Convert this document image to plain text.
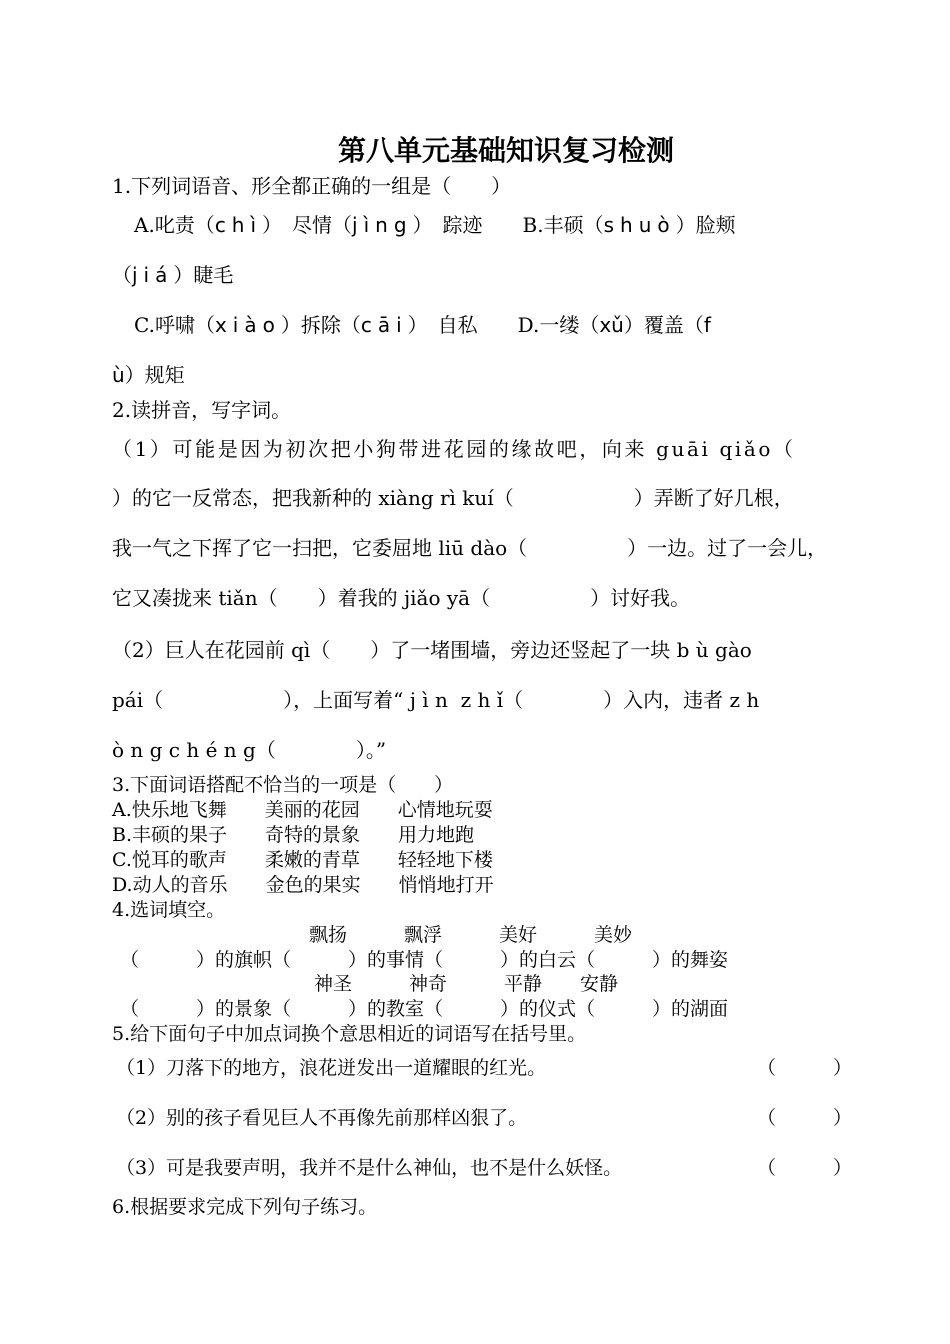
第八单元基础知识复习检测
1.下列词语音、形全都正确的一组是（　　）
A.叱责（chì）　尽情（jìng）　踪迹　　 B.丰硕（shuò）脸颊
（jiá）睫毛
C.呼啸（xiào）拆除（cāi）　自私　　 D.一缕（xǔ）覆盖（f
ù）规矩
2.读拼音，写字词。
（1）可能是因为初次把小狗带进花园的缘故吧，向来 guāi qiǎo（
）的它一反常态，把我新种的 xiàng rì kuí（　　　　　　）弄断了好几根，
我一气之下挥了它一扫把，它委屈地 liū dào（　　　　　）一边。过了一会儿，
它又凑拢来 tiǎn（　　）着我的 jiǎo yā（　　　　　）讨好我。
（2）巨人在花园前 qì（　　）了一堵围墙，旁边还竖起了一块 b ù gào
pái（　　　　　　），上面写着“ j ì n  z h ǐ（　　　　）入内，违者 z h
ò n g c h é n g（　　　　）。”
3.下面词语搭配不恰当的一项是（　　）
A.快乐地飞舞　　美丽的花园　　心情地玩耍
B.丰硕的果子　　奇特的景象　　用力地跑
C.悦耳的歌声　　柔嫩的青草　　轻轻地下楼
D.动人的音乐　　金色的果实　　悄悄地打开
4.选词填空。
飘扬　　　飘浮　　　美好　　　美妙
（　　　）的旗帜（　　　）的事情（　　　）的白云（　　　）的舞姿
神圣　　　神奇　　　平静　　安静
（　　　）的景象（　　　）的教室（　　　）的仪式（　　　）的湖面
5.给下面句子中加点词换个意思相近的词语写在括号里。
（1）刀落下的地方，浪花迸发出一道耀眼的红光。	（　　　）
（2）别的孩子看见巨人不再像先前那样凶狠了。	（　　　）
（3）可是我要声明，我并不是什么神仙，也不是什么妖怪。	（　　　）
6.根据要求完成下列句子练习。
